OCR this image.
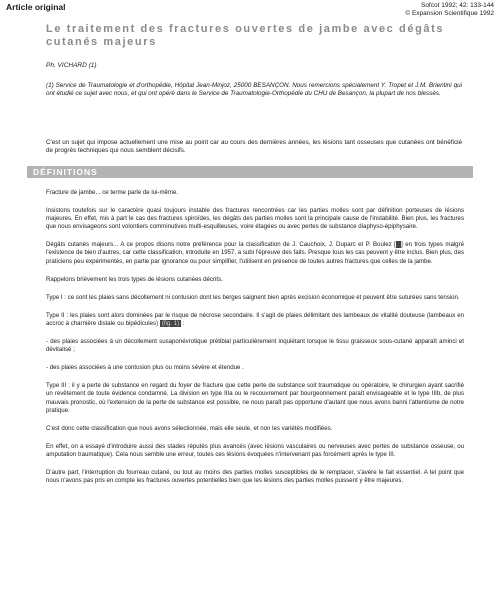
Article original	Sofcot 1992; 42: 133-144
© Expansion Scientifique 1992
Le traitement des fractures ouvertes de jambe avec dégâts cutanés majeurs
Ph. VICHARD (1)
(1) Service de Traumatologie et d'orthopédie, Hôpital Jean-Minjoz, 25000 BESANÇON. Nous remercions spécialement Y. Tropet et J.M. Brientini qui ont étudié ce sujet avec nous, et qui ont opéré dans le Service de Traumatologie-Orthopédie du CHU de Besançon, la plupart de nos blessés.
C'est un sujet qui impose actuellement une mise au point car au cours des dernières années, les lésions tant osseuses que cutanées ont bénéficié de progrès techniques qui nous semblent décisifs.
DÉFINITIONS

Fracture de jambe... ce terme parle de lui-même.

Insistons toutefois sur le caractère quasi toujours instable des fractures rencontrées car les parties molles sont par définition porteuses de lésions majeures. En effet, mis à part le cas des fractures spiroïdes, les dégâts des parties molles sont la principale cause de l'instabilité. Bien plus, les fractures que nous envisageons sont volontiers comminutives multi-esquilleuses, voire étagées ou avec pertes de substance diaphyso-épiphysaire.

Dégâts cutanés majeurs... A ce propos disons notre préférence pour la classification de J. Cauchoix, J. Duparc et P. Boulez [1] en trois types malgré l'existence de bien d'autres, car cette classification, introduite en 1957, a subi l'épreuve des faits. Presque tous les cas peuvent y être inclus. Bien plus, des praticiens peu expérimentés, en partie par ignorance ou pour simplifier, l'utilisent en présence de toutes autres fractures que celles de la jambe.

Rappelons brièvement les trois types de lésions cutanées décrits.

Type I : ce sont les plaies sans décollement ni contusion dont les berges saignent bien après excision économique et peuvent être suturées sans tension.

Type II : les plaies sont alors dominées par le risque de nécrose secondaire. Il s'agit de plaies délimitant des lambeaux de vitalité douteuse (lambeaux en accroc à charnière distale ou bipédicules) (fig. 1) :

- des plaies associées à un décollement susaponévrotique prétibial particulièrement inquiétant lorsque le tissu graisseux sous-cutané apparaît aminci et dévitalisé ;

- des plaies associées à une contusion plus ou moins sévère et étendue .

Type III : il y a perte de substance en regard du foyer de fracture que cette perte de substance soit traumatique ou opératoire, le chirurgien ayant sacrifié un revêtement de toute évidence condamné. La division en type IIIa ou le recouvrement par bourgeonnement paraît envisageable et le type IIIb, de plus mauvais pronostic, où l'extension de la perte de substance est possible, ne nous paraît pas opportune d'autant que nous avons banni l'attentisme de notre pratique.

C'est donc cette classification que nous avons sélectionnée, mais elle seule, et non les variétés modifiées.

En effet, on a essayé d'introduire aussi des stades réputés plus avancés (avec lésions vasculaires ou nerveuses avec pertes de substance osseuse, ou amputation traumatique). Cela nous semble une erreur, toutes ces lésions évoquées n'intervenant pas forcément après le type III.

D'autre part, l'interruption du fourreau cutané, ou tout au moins des parties molles susceptibles de le remplacer, s'avère le fait essentiel. A tel point que nous n'avons pas pris en compte les fractures ouvertes potentielles bien que les lésions des parties molles puissent y être majeures.
